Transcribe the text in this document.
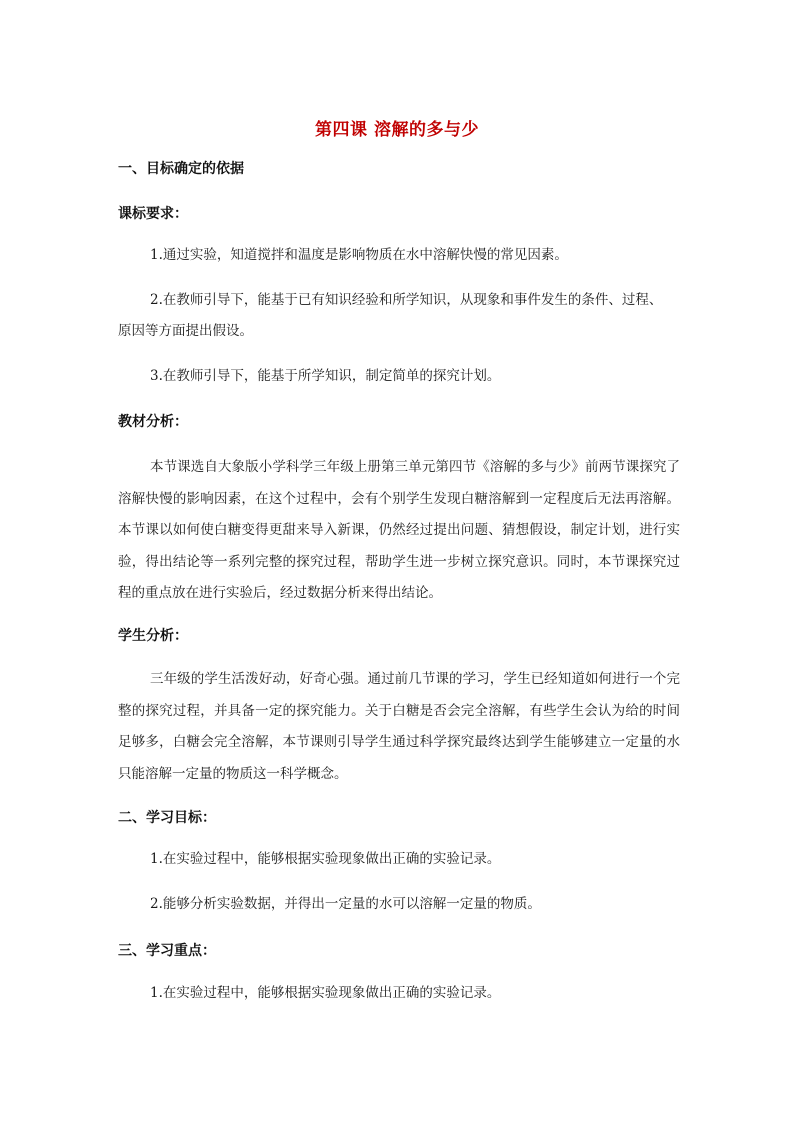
第四课 溶解的多与少
一、目标确定的依据
课标要求：

1.通过实验，知道搅拌和温度是影响物质在水中溶解快慢的常见因素。

2.在教师引导下，能基于已有知识经验和所学知识，从现象和事件发生的条件、过程、

原因等方面提出假设。

3.在教师引导下，能基于所学知识，制定简单的探究计划。

教材分析：

本节课选自大象版小学科学三年级上册第三单元第四节《溶解的多与少》前两节课探究了溶解快慢的影响因素，在这个过程中，会有个别学生发现白糖溶解到一定程度后无法再溶解。本节课以如何使白糖变得更甜来导入新课，仍然经过提出问题、猜想假设，制定计划，进行实验，得出结论等一系列完整的探究过程，帮助学生进一步树立探究意识。同时，本节课探究过程的重点放在进行实验后，经过数据分析来得出结论。

学生分析：

三年级的学生活泼好动，好奇心强。通过前几节课的学习，学生已经知道如何进行一个完整的探究过程，并具备一定的探究能力。关于白糖是否会完全溶解，有些学生会认为给的时间足够多，白糖会完全溶解，本节课则引导学生通过科学探究最终达到学生能够建立一定量的水只能溶解一定量的物质这一科学概念。

二、学习目标：

1.在实验过程中，能够根据实验现象做出正确的实验记录。

2.能够分析实验数据，并得出一定量的水可以溶解一定量的物质。

三、学习重点：

1.在实验过程中，能够根据实验现象做出正确的实验记录。
